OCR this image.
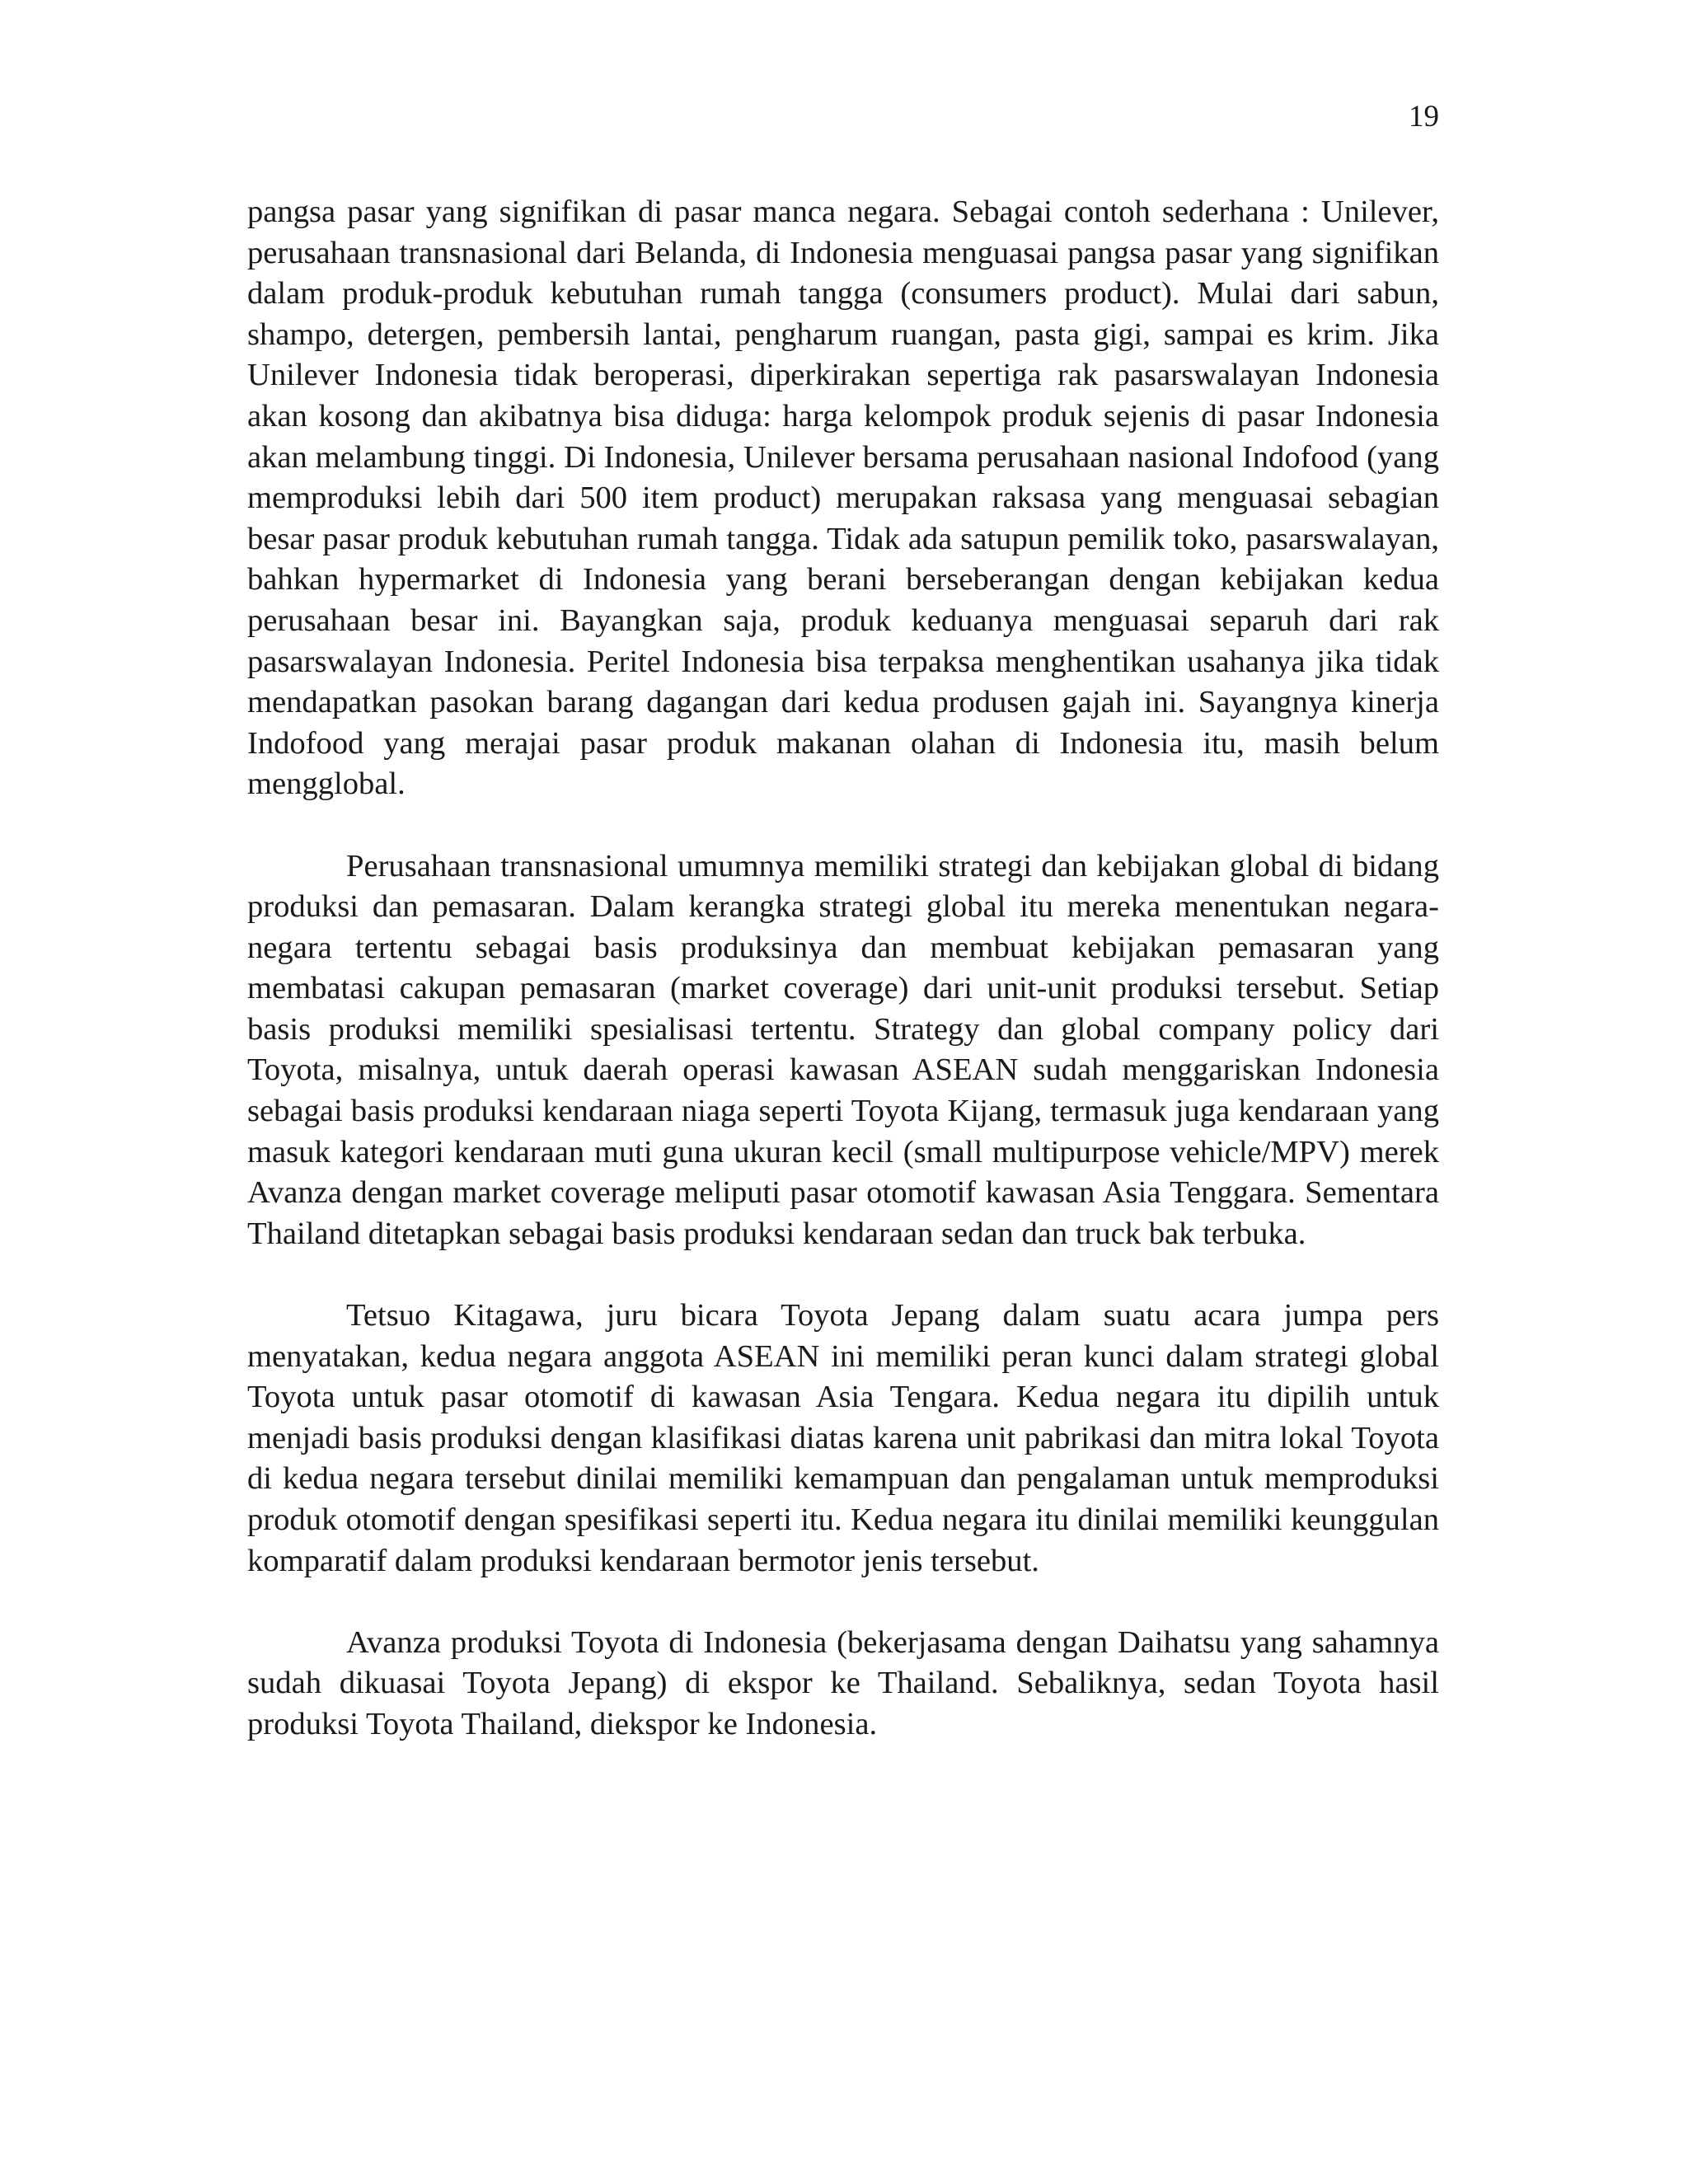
19

pangsa pasar yang signifikan di pasar manca negara. Sebagai contoh sederhana : Unilever, perusahaan transnasional dari Belanda, di Indonesia menguasai pangsa pasar yang signifikan dalam produk-produk kebutuhan rumah tangga (consumers product). Mulai dari sabun, shampo, detergen, pembersih lantai, pengharum ruangan, pasta gigi, sampai es krim. Jika Unilever Indonesia tidak beroperasi, diperkirakan sepertiga rak pasarswalayan Indonesia akan kosong dan akibatnya bisa diduga: harga kelompok produk sejenis di pasar Indonesia akan melambung tinggi. Di Indonesia, Unilever bersama perusahaan nasional Indofood (yang memproduksi lebih dari 500 item product) merupakan raksasa yang menguasai sebagian besar pasar produk kebutuhan rumah tangga. Tidak ada satupun pemilik toko, pasarswalayan, bahkan hypermarket di Indonesia yang berani berseberangan dengan kebijakan kedua perusahaan besar ini. Bayangkan saja, produk keduanya menguasai separuh dari rak pasarswalayan Indonesia. Peritel Indonesia bisa terpaksa menghentikan usahanya jika tidak mendapatkan pasokan barang dagangan dari kedua produsen gajah ini. Sayangnya kinerja Indofood yang merajai pasar produk makanan olahan di Indonesia itu, masih belum mengglobal.

Perusahaan transnasional umumnya memiliki strategi dan kebijakan global di bidang produksi dan pemasaran. Dalam kerangka strategi global itu mereka menentukan negara-negara tertentu sebagai basis produksinya dan membuat kebijakan pemasaran yang membatasi cakupan pemasaran (market coverage) dari unit-unit produksi tersebut. Setiap basis produksi memiliki spesialisasi tertentu. Strategy dan global company policy dari Toyota, misalnya, untuk daerah operasi kawasan ASEAN sudah menggariskan Indonesia sebagai basis produksi kendaraan niaga seperti Toyota Kijang, termasuk juga kendaraan yang masuk kategori kendaraan muti guna ukuran kecil (small multipurpose vehicle/MPV) merek Avanza dengan market coverage meliputi pasar otomotif kawasan Asia Tenggara. Sementara Thailand ditetapkan sebagai basis produksi kendaraan sedan dan truck bak terbuka.

Tetsuo Kitagawa, juru bicara Toyota Jepang dalam suatu acara jumpa pers menyatakan, kedua negara anggota ASEAN ini memiliki peran kunci dalam strategi global Toyota untuk pasar otomotif di kawasan Asia Tengara. Kedua negara itu dipilih untuk menjadi basis produksi dengan klasifikasi diatas karena unit pabrikasi dan mitra lokal Toyota di kedua negara tersebut dinilai memiliki kemampuan dan pengalaman untuk memproduksi produk otomotif dengan spesifikasi seperti itu. Kedua negara itu dinilai memiliki keunggulan komparatif dalam produksi kendaraan bermotor jenis tersebut.

Avanza produksi Toyota di Indonesia (bekerjasama dengan Daihatsu yang sahamnya sudah dikuasai Toyota Jepang) di ekspor ke Thailand. Sebaliknya, sedan Toyota hasil produksi Toyota Thailand, diekspor ke Indonesia.
